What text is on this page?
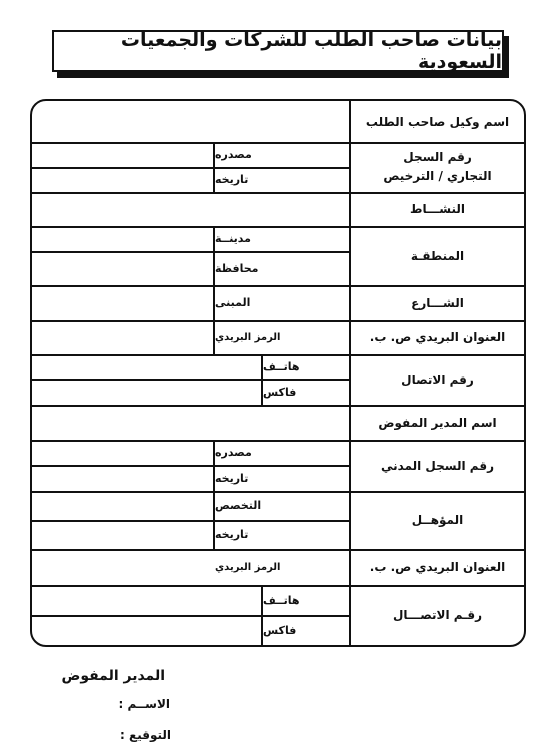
بيانات صاحب الطلب للشركات والجمعيات السعودية
اسم وكيل صاحب الطلب
رقم السجل
التجاري / الترخيص
النشـــاط
المنطقـة
الشـــارع
العنوان البريدي ص. ب.
رقم الاتصال
اسم المدير المفوض
رقم السجل المدني
المؤهــل
العنوان البريدي ص. ب.
رقـم الاتصـــال
مصدره
تاريخه
مدينــة
محافظة
المبنى
الرمز البريدي
هاتــف
فاكس
مصدره
تاريخه
التخصص
تاريخه
الرمز البريدي
هاتــف
فاكس
المدير المفوض
الاســم :
التوقيع :
